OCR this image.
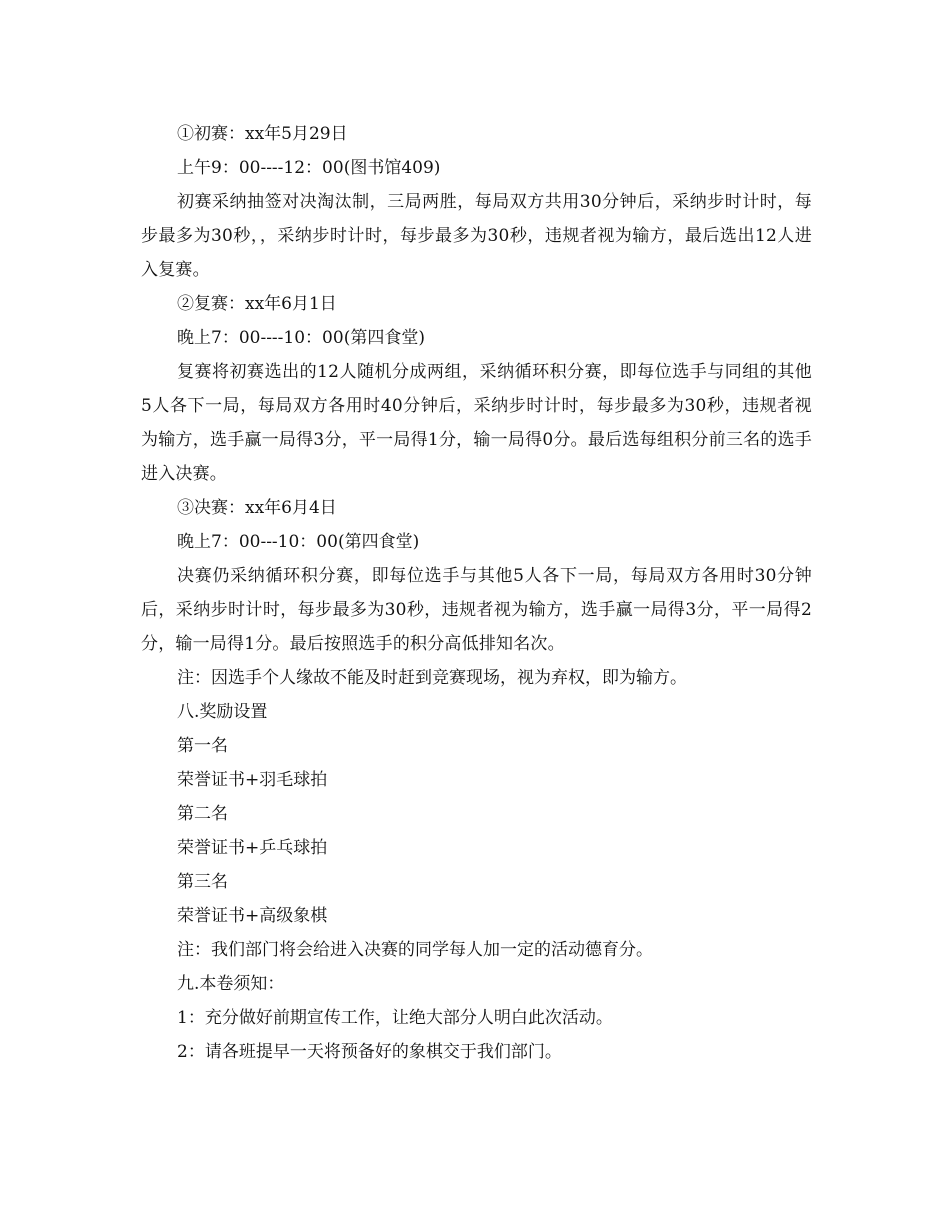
①初赛：xx年5月29日
上午9：00----12：00(图书馆409)

初赛采纳抽签对决淘汰制，三局两胜，每局双方共用30分钟后，采纳步时计时，每步最多为30秒，，采纳步时计时，每步最多为30秒，违规者视为输方，最后选出12人进入复赛。

②复赛：xx年6月1日
晚上7：00----10：00(第四食堂)

复赛将初赛选出的12人随机分成两组，采纳循环积分赛，即每位选手与同组的其他5人各下一局，每局双方各用时40分钟后，采纳步时计时，每步最多为30秒，违规者视为输方，选手赢一局得3分，平一局得1分，输一局得0分。最后选每组积分前三名的选手进入决赛。

③决赛：xx年6月4日
晚上7：00---10：00(第四食堂)

决赛仍采纳循环积分赛，即每位选手与其他5人各下一局，每局双方各用时30分钟后，采纳步时计时，每步最多为30秒，违规者视为输方，选手赢一局得3分，平一局得2分，输一局得1分。最后按照选手的积分高低排知名次。

注：因选手个人缘故不能及时赶到竞赛现场，视为弃权，即为输方。
八.奖励设置
第一名
荣誉证书+羽毛球拍
第二名
荣誉证书+乒乓球拍
第三名
荣誉证书+高级象棋
注：我们部门将会给进入决赛的同学每人加一定的活动德育分。
九.本卷须知：
1：充分做好前期宣传工作，让绝大部分人明白此次活动。
2：请各班提早一天将预备好的象棋交于我们部门。
